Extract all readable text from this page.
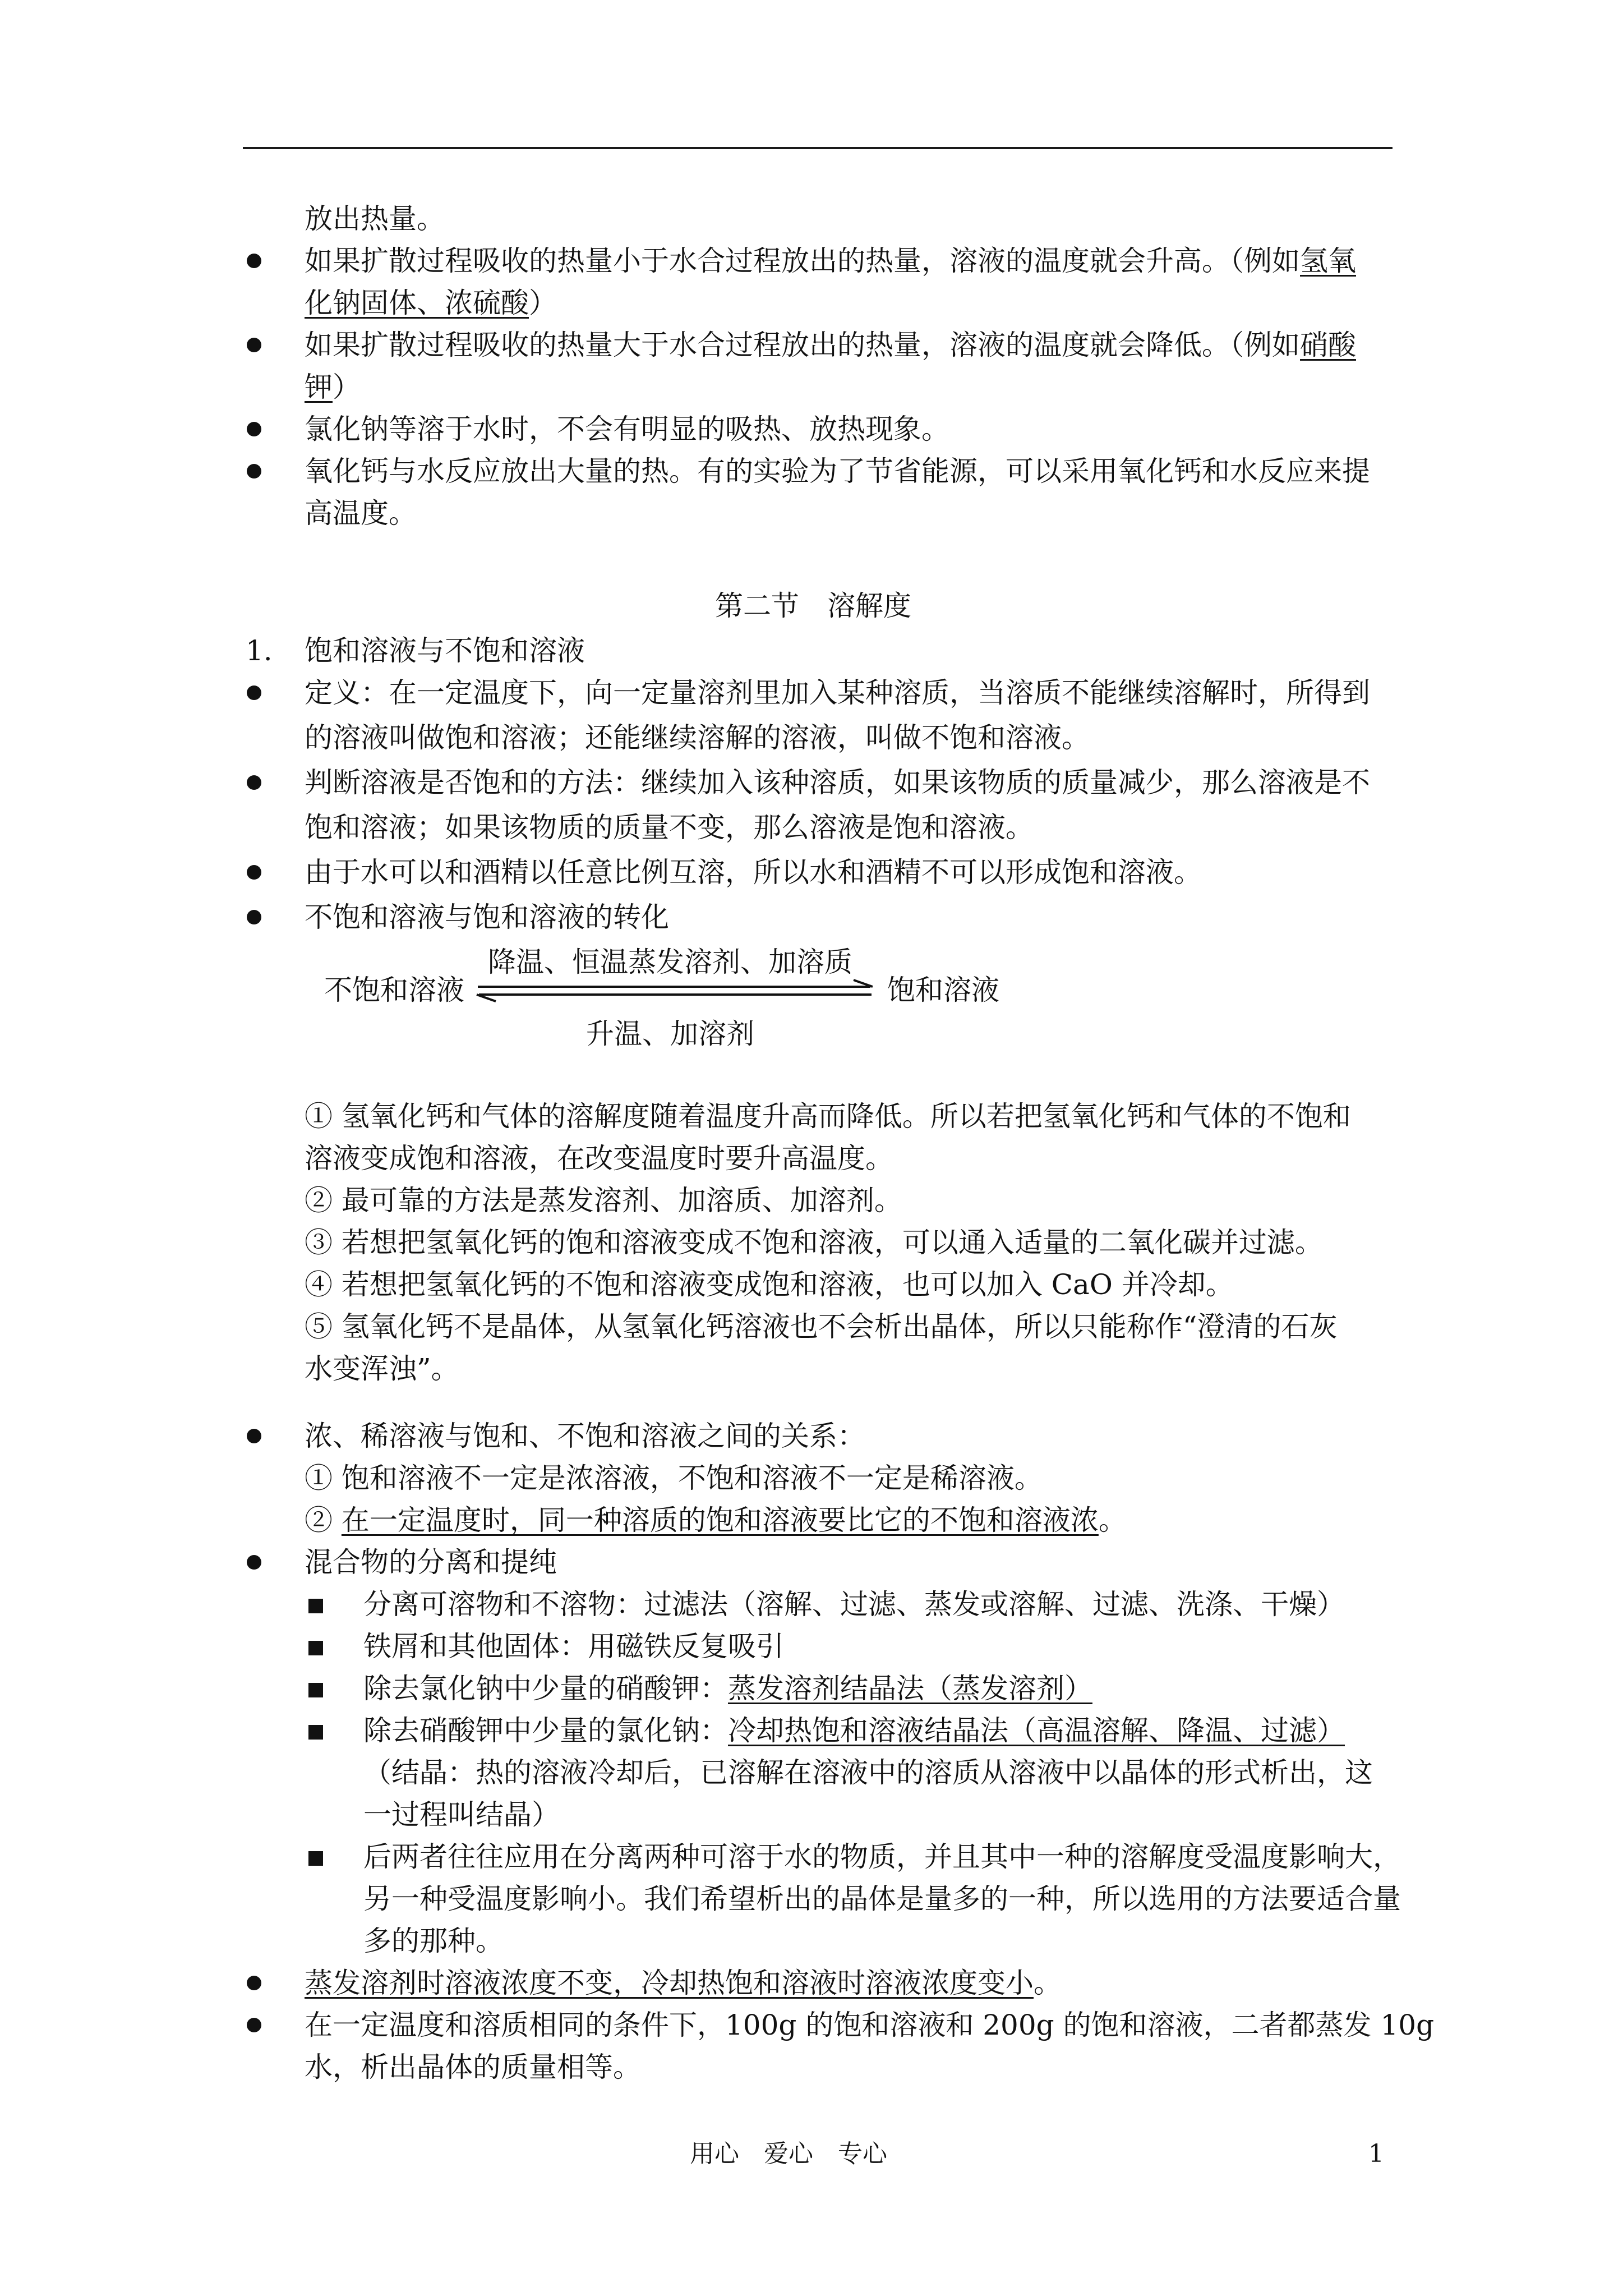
放出热量。
如果扩散过程吸收的热量小于水合过程放出的热量，溶液的温度就会升高。（例如氢氧
化钠固体、浓硫酸）
如果扩散过程吸收的热量大于水合过程放出的热量，溶液的温度就会降低。（例如硝酸
钾）
氯化钠等溶于水时，不会有明显的吸热、放热现象。
氧化钙与水反应放出大量的热。有的实验为了节省能源，可以采用氧化钙和水反应来提
高温度。
第二节　溶解度
1. 饱和溶液与不饱和溶液
定义：在一定温度下，向一定量溶剂里加入某种溶质，当溶质不能继续溶解时，所得到
的溶液叫做饱和溶液；还能继续溶解的溶液，叫做不饱和溶液。
判断溶液是否饱和的方法：继续加入该种溶质，如果该物质的质量减少，那么溶液是不
饱和溶液；如果该物质的质量不变，那么溶液是饱和溶液。
由于水可以和酒精以任意比例互溶，所以水和酒精不可以形成饱和溶液。
不饱和溶液与饱和溶液的转化
不饱和溶液	饱和溶液
降温、恒温蒸发溶剂、加溶质
升温、加溶剂
① 氢氧化钙和气体的溶解度随着温度升高而降低。所以若把氢氧化钙和气体的不饱和
溶液变成饱和溶液，在改变温度时要升高温度。
② 最可靠的方法是蒸发溶剂、加溶质、加溶剂。
③ 若想把氢氧化钙的饱和溶液变成不饱和溶液，可以通入适量的二氧化碳并过滤。
④ 若想把氢氧化钙的不饱和溶液变成饱和溶液，也可以加入 CaO 并冷却。
⑤ 氢氧化钙不是晶体，从氢氧化钙溶液也不会析出晶体，所以只能称作“澄清的石灰
水变浑浊”。
浓、稀溶液与饱和、不饱和溶液之间的关系：
① 饱和溶液不一定是浓溶液，不饱和溶液不一定是稀溶液。
② 在一定温度时，同一种溶质的饱和溶液要比它的不饱和溶液浓。
混合物的分离和提纯
分离可溶物和不溶物：过滤法（溶解、过滤、蒸发或溶解、过滤、洗涤、干燥）
铁屑和其他固体：用磁铁反复吸引
除去氯化钠中少量的硝酸钾：蒸发溶剂结晶法（蒸发溶剂）
除去硝酸钾中少量的氯化钠：冷却热饱和溶液结晶法（高温溶解、降温、过滤）
（结晶：热的溶液冷却后，已溶解在溶液中的溶质从溶液中以晶体的形式析出，这
一过程叫结晶）
后两者往往应用在分离两种可溶于水的物质，并且其中一种的溶解度受温度影响大，
另一种受温度影响小。我们希望析出的晶体是量多的一种，所以选用的方法要适合量
多的那种。
蒸发溶剂时溶液浓度不变，冷却热饱和溶液时溶液浓度变小。
在一定温度和溶质相同的条件下，100g 的饱和溶液和 200g 的饱和溶液，二者都蒸发 10g
水，析出晶体的质量相等。
用心　爱心　专心	1
